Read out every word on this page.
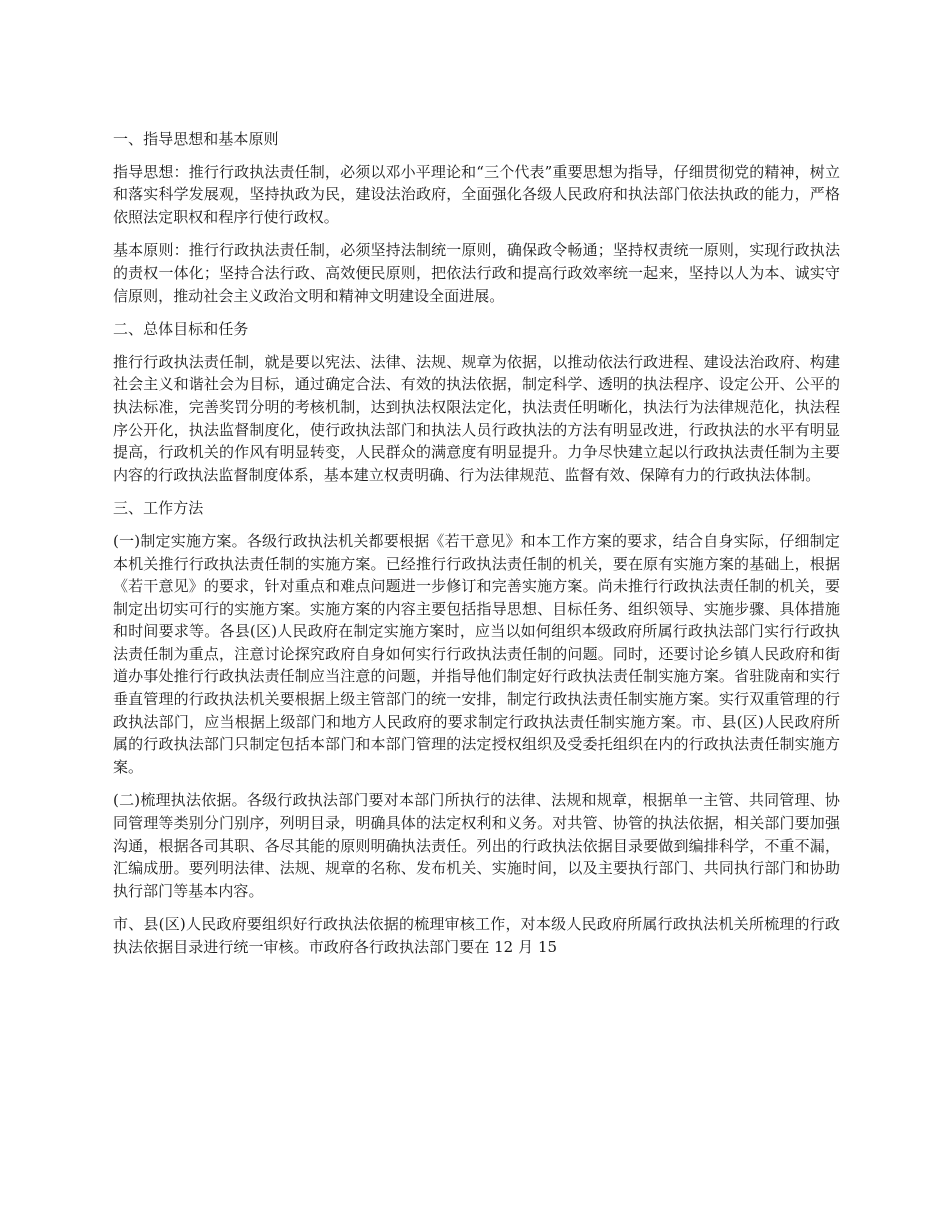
一、指导思想和基本原则

指导思想：推行行政执法责任制，必须以邓小平理论和“三个代表”重要思想为指导，仔细贯彻党的精神，树立和落实科学发展观，坚持执政为民，建设法治政府，全面强化各级人民政府和执法部门依法执政的能力，严格依照法定职权和程序行使行政权。

基本原则：推行行政执法责任制，必须坚持法制统一原则，确保政令畅通；坚持权责统一原则，实现行政执法的责权一体化；坚持合法行政、高效便民原则，把依法行政和提高行政效率统一起来，坚持以人为本、诚实守信原则，推动社会主义政治文明和精神文明建设全面进展。

二、总体目标和任务

推行行政执法责任制，就是要以宪法、法律、法规、规章为依据，以推动依法行政进程、建设法治政府、构建社会主义和谐社会为目标，通过确定合法、有效的执法依据，制定科学、透明的执法程序、设定公开、公平的执法标准，完善奖罚分明的考核机制，达到执法权限法定化，执法责任明晰化，执法行为法律规范化，执法程序公开化，执法监督制度化，使行政执法部门和执法人员行政执法的方法有明显改进，行政执法的水平有明显提高，行政机关的作风有明显转变，人民群众的满意度有明显提升。力争尽快建立起以行政执法责任制为主要内容的行政执法监督制度体系，基本建立权责明确、行为法律规范、监督有效、保障有力的行政执法体制。

三、工作方法

(一)制定实施方案。各级行政执法机关都要根据《若干意见》和本工作方案的要求，结合自身实际，仔细制定本机关推行行政执法责任制的实施方案。已经推行行政执法责任制的机关，要在原有实施方案的基础上，根据《若干意见》的要求，针对重点和难点问题进一步修订和完善实施方案。尚未推行行政执法责任制的机关，要制定出切实可行的实施方案。实施方案的内容主要包括指导思想、目标任务、组织领导、实施步骤、具体措施和时间要求等。各县(区)人民政府在制定实施方案时，应当以如何组织本级政府所属行政执法部门实行行政执法责任制为重点，注意讨论探究政府自身如何实行行政执法责任制的问题。同时，还要讨论乡镇人民政府和街道办事处推行行政执法责任制应当注意的问题，并指导他们制定好行政执法责任制实施方案。省驻陇南和实行垂直管理的行政执法机关要根据上级主管部门的统一安排，制定行政执法责任制实施方案。实行双重管理的行政执法部门，应当根据上级部门和地方人民政府的要求制定行政执法责任制实施方案。市、县(区)人民政府所属的行政执法部门只制定包括本部门和本部门管理的法定授权组织及受委托组织在内的行政执法责任制实施方案。

(二)梳理执法依据。各级行政执法部门要对本部门所执行的法律、法规和规章，根据单一主管、共同管理、协同管理等类别分门别序，列明目录，明确具体的法定权利和义务。对共管、协管的执法依据，相关部门要加强沟通，根据各司其职、各尽其能的原则明确执法责任。列出的行政执法依据目录要做到编排科学，不重不漏，汇编成册。要列明法律、法规、规章的名称、发布机关、实施时间，以及主要执行部门、共同执行部门和协助执行部门等基本内容。

市、县(区)人民政府要组织好行政执法依据的梳理审核工作，对本级人民政府所属行政执法机关所梳理的行政执法依据目录进行统一审核。市政府各行政执法部门要在 12 月 15
